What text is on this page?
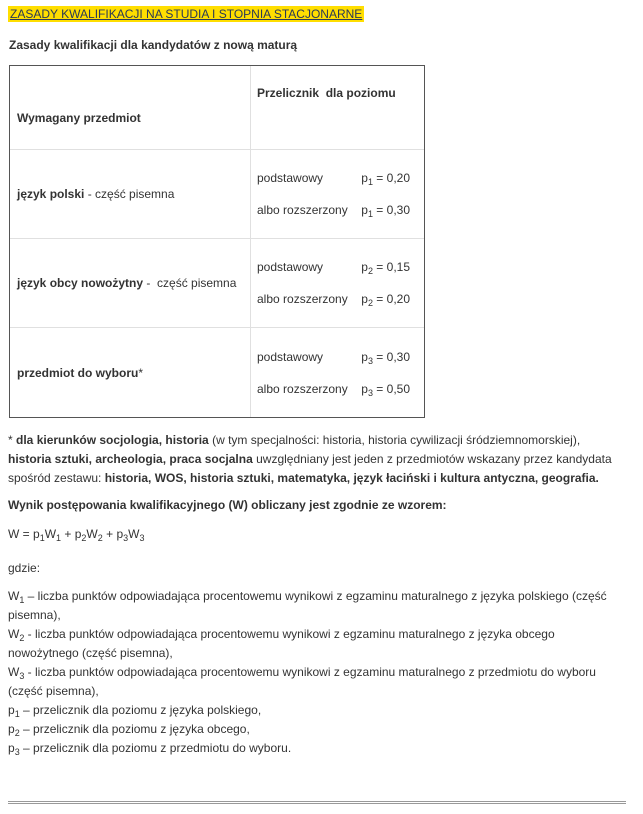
ZASADY KWALIFIKACJI NA STUDIA I STOPNIA STACJONARNE
Zasady kwalifikacji dla kandydatów z nową maturą
Wymagany przedmiot	Przelicznik  dla poziomu
język polski - część pisemna	podstawowy $p_1 = 0,20$
albo rozszerzony $p_1 = 0,30$

język obcy nowożytny -  część pisemna	podstawowy $p_2 = 0,15$
albo rozszerzony $p_2 = 0,20$

przedmiot do wyboru*	podstawowy $p_3 = 0,30$
albo rozszerzony $p_3 = 0,50$
* dla kierunków socjologia, historia (w tym specjalności: historia, historia cywilizacji śródziemnomorskiej), historia sztuki, archeologia, praca socjalna uwzględniany jest jeden z przedmiotów wskazany przez kandydata spośród zestawu: historia, WOS, historia sztuki, matematyka, język łaciński i kultura antyczna, geografia.
Wynik postępowania kwalifikacyjnego (W) obliczany jest zgodnie ze wzorem:
$W = p_1W_1 + p_2W_2 + p_3W_3$
gdzie:
$W_1$ – liczba punktów odpowiadająca procentowemu wynikowi z egzaminu maturalnego z języka polskiego (część pisemna),
$W_2$ - liczba punktów odpowiadająca procentowemu wynikowi z egzaminu maturalnego z języka obcego nowożytnego (część pisemna),
$W_3$ - liczba punktów odpowiadająca procentowemu wynikowi z egzaminu maturalnego z przedmiotu do wyboru (część pisemna),
$p_1$ – przelicznik dla poziomu z języka polskiego,
$p_2$ – przelicznik dla poziomu z języka obcego,
$p_3$ – przelicznik dla poziomu z przedmiotu do wyboru.
